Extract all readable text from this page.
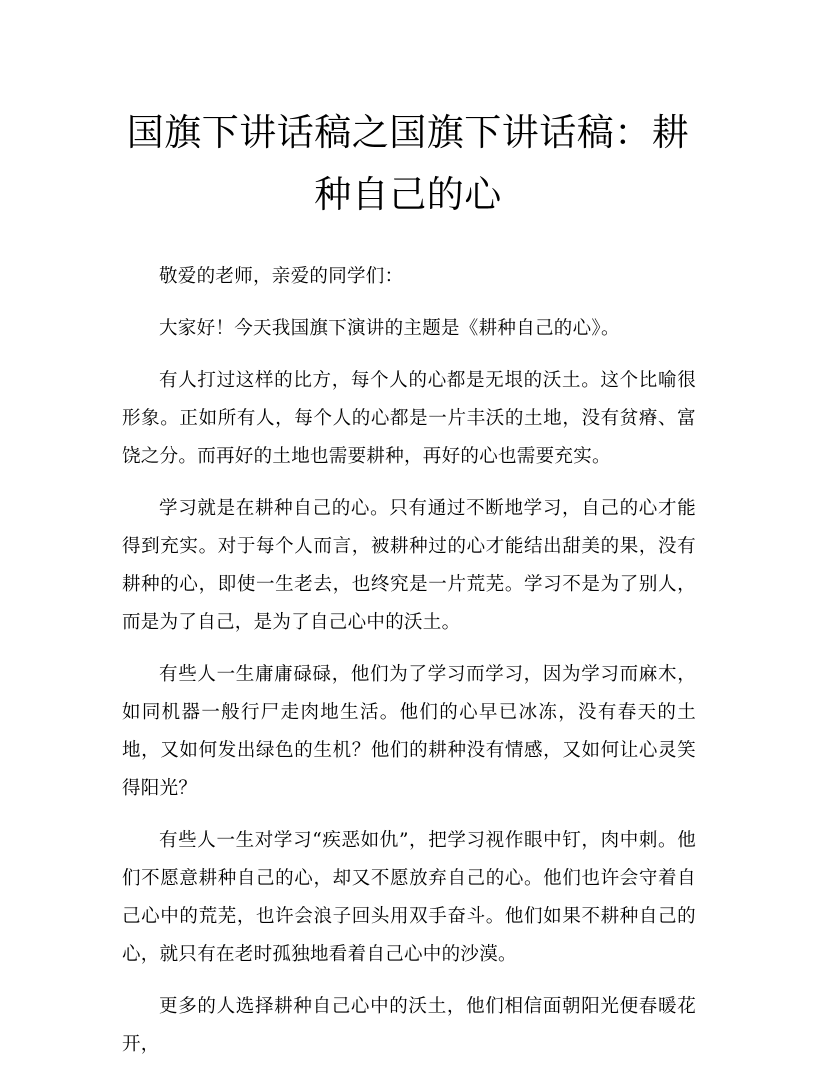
国旗下讲话稿之国旗下讲话稿：耕种自己的心

敬爱的老师，亲爱的同学们：

大家好！今天我国旗下演讲的主题是《耕种自己的心》。

有人打过这样的比方，每个人的心都是无垠的沃土。这个比喻很形象。正如所有人，每个人的心都是一片丰沃的土地，没有贫瘠、富饶之分。而再好的土地也需要耕种，再好的心也需要充实。

学习就是在耕种自己的心。只有通过不断地学习，自己的心才能得到充实。对于每个人而言，被耕种过的心才能结出甜美的果，没有耕种的心，即使一生老去，也终究是一片荒芜。学习不是为了别人，而是为了自己，是为了自己心中的沃土。

有些人一生庸庸碌碌，他们为了学习而学习，因为学习而麻木，如同机器一般行尸走肉地生活。他们的心早已冰冻，没有春天的土地，又如何发出绿色的生机？他们的耕种没有情感，又如何让心灵笑得阳光？

有些人一生对学习“疾恶如仇”，把学习视作眼中钉，肉中刺。他们不愿意耕种自己的心，却又不愿放弃自己的心。他们也许会守着自己心中的荒芜，也许会浪子回头用双手奋斗。他们如果不耕种自己的心，就只有在老时孤独地看着自己心中的沙漠。

更多的人选择耕种自己心中的沃土，他们相信面朝阳光便春暖花开，
